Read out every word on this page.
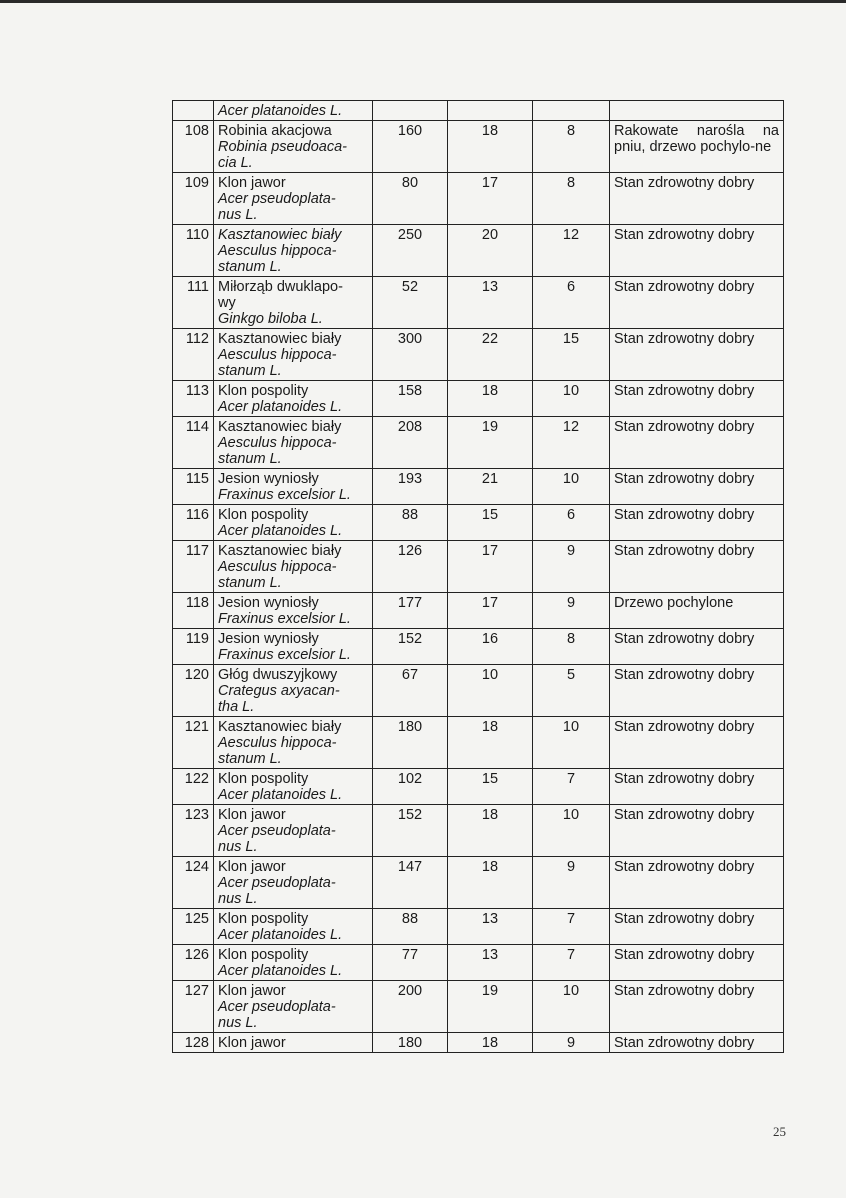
	Acer platanoides L.				

108	Robinia akacjowa
Robinia pseudoaca-
cia L.	160	18	8	Rakowate narośla na pniu, drzewo pochylo-ne
109	Klon jawor
Acer pseudoplata-
nus L.	80	17	8	Stan zdrowotny dobry
110	Kasztanowiec biały
Aesculus hippoca-
stanum L.	250	20	12	Stan zdrowotny dobry
111	Miłorząb dwuklapo-
wy
Ginkgo biloba L.	52	13	6	Stan zdrowotny dobry
112	Kasztanowiec biały
Aesculus hippoca-
stanum L.	300	22	15	Stan zdrowotny dobry
113	Klon pospolity
Acer platanoides L.	158	18	10	Stan zdrowotny dobry
114	Kasztanowiec biały
Aesculus hippoca-
stanum L.	208	19	12	Stan zdrowotny dobry
115	Jesion wyniosły
Fraxinus excelsior L.	193	21	10	Stan zdrowotny dobry
116	Klon pospolity
Acer platanoides L.	88	15	6	Stan zdrowotny dobry
117	Kasztanowiec biały
Aesculus hippoca-
stanum L.	126	17	9	Stan zdrowotny dobry
118	Jesion wyniosły
Fraxinus excelsior L.	177	17	9	Drzewo pochylone
119	Jesion wyniosły
Fraxinus excelsior L.	152	16	8	Stan zdrowotny dobry
120	Głóg dwuszyjkowy
Crategus axyacan-
tha L.	67	10	5	Stan zdrowotny dobry
121	Kasztanowiec biały
Aesculus hippoca-
stanum L.	180	18	10	Stan zdrowotny dobry
122	Klon pospolity
Acer platanoides L.	102	15	7	Stan zdrowotny dobry
123	Klon jawor
Acer pseudoplata-
nus L.	152	18	10	Stan zdrowotny dobry
124	Klon jawor
Acer pseudoplata-
nus L.	147	18	9	Stan zdrowotny dobry
125	Klon pospolity
Acer platanoides L.	88	13	7	Stan zdrowotny dobry
126	Klon pospolity
Acer platanoides L.	77	13	7	Stan zdrowotny dobry
127	Klon jawor
Acer pseudoplata-
nus L.	200	19	10	Stan zdrowotny dobry
128	Klon jawor	180	18	9	Stan zdrowotny dobry
25
